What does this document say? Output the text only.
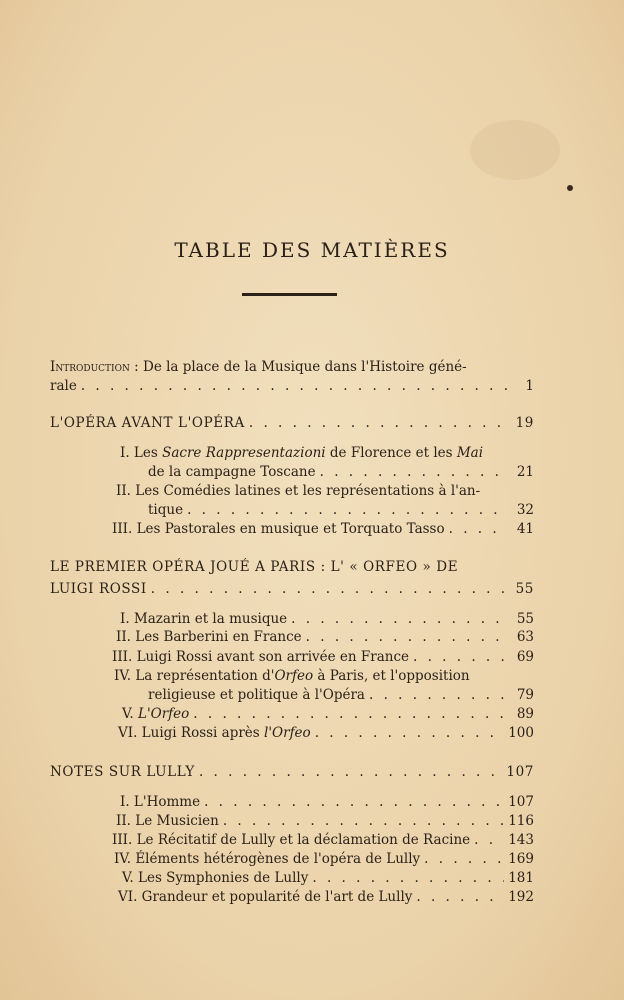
TABLE DES MATIÈRES
Introduction : De la place de la Musique dans l'Histoire géné-
rale . . .	1
L'OPÉRA AVANT L'OPÉRA . . .	19
I. Les Sacre Rappresentazioni de Florence et les Mai
de la campagne Toscane . . .	21
II. Les Comédies latines et les représentations à l'an-
tique . . .	32
III. Les Pastorales en musique et Torquato Tasso . . .	41
LE PREMIER OPÉRA JOUÉ A PARIS : L' « ORFEO » DE
LUIGI ROSSI . . .	55
I. Mazarin et la musique . . .	55
II. Les Barberini en France . . .	63
III. Luigi Rossi avant son arrivée en France . . .	69
IV. La représentation d'Orfeo à Paris, et l'opposition
religieuse et politique à l'Opéra . . .	79
V. L'Orfeo . . .	89
VI. Luigi Rossi après l'Orfeo . . .	100
NOTES SUR LULLY . . .	107
I. L'Homme . . .	107
II. Le Musicien . . .	116
III. Le Récitatif de Lully et la déclamation de Racine . . .	143
IV. Éléments hétérogènes de l'opéra de Lully . . .	169
V. Les Symphonies de Lully . . .	181
VI. Grandeur et popularité de l'art de Lully . . .	192
